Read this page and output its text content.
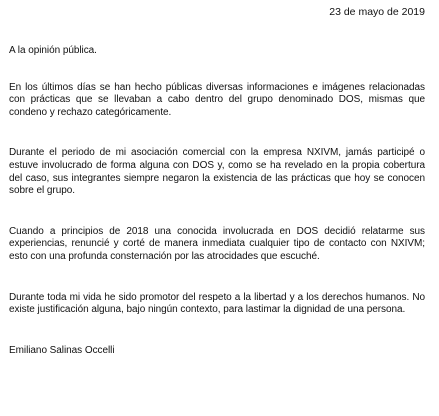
23 de mayo de 2019

A la opinión pública.

En los últimos días se han hecho públicas diversas informaciones e imágenes relacionadas con prácticas que se llevaban a cabo dentro del grupo denominado DOS, mismas que condeno y rechazo categóricamente.

Durante el periodo de mi asociación comercial con la empresa NXIVM, jamás participé o estuve involucrado de forma alguna con DOS y, como se ha revelado en la propia cobertura del caso, sus integrantes siempre negaron la existencia de las prácticas que hoy se conocen sobre el grupo.

Cuando a principios de 2018 una conocida involucrada en DOS decidió relatarme sus experiencias, renuncié y corté de manera inmediata cualquier tipo de contacto con NXIVM; esto con una profunda consternación por las atrocidades que escuché.

Durante toda mi vida he sido promotor del respeto a la libertad y a los derechos humanos. No existe justificación alguna, bajo ningún contexto, para lastimar la dignidad de una persona.

Emiliano Salinas Occelli
